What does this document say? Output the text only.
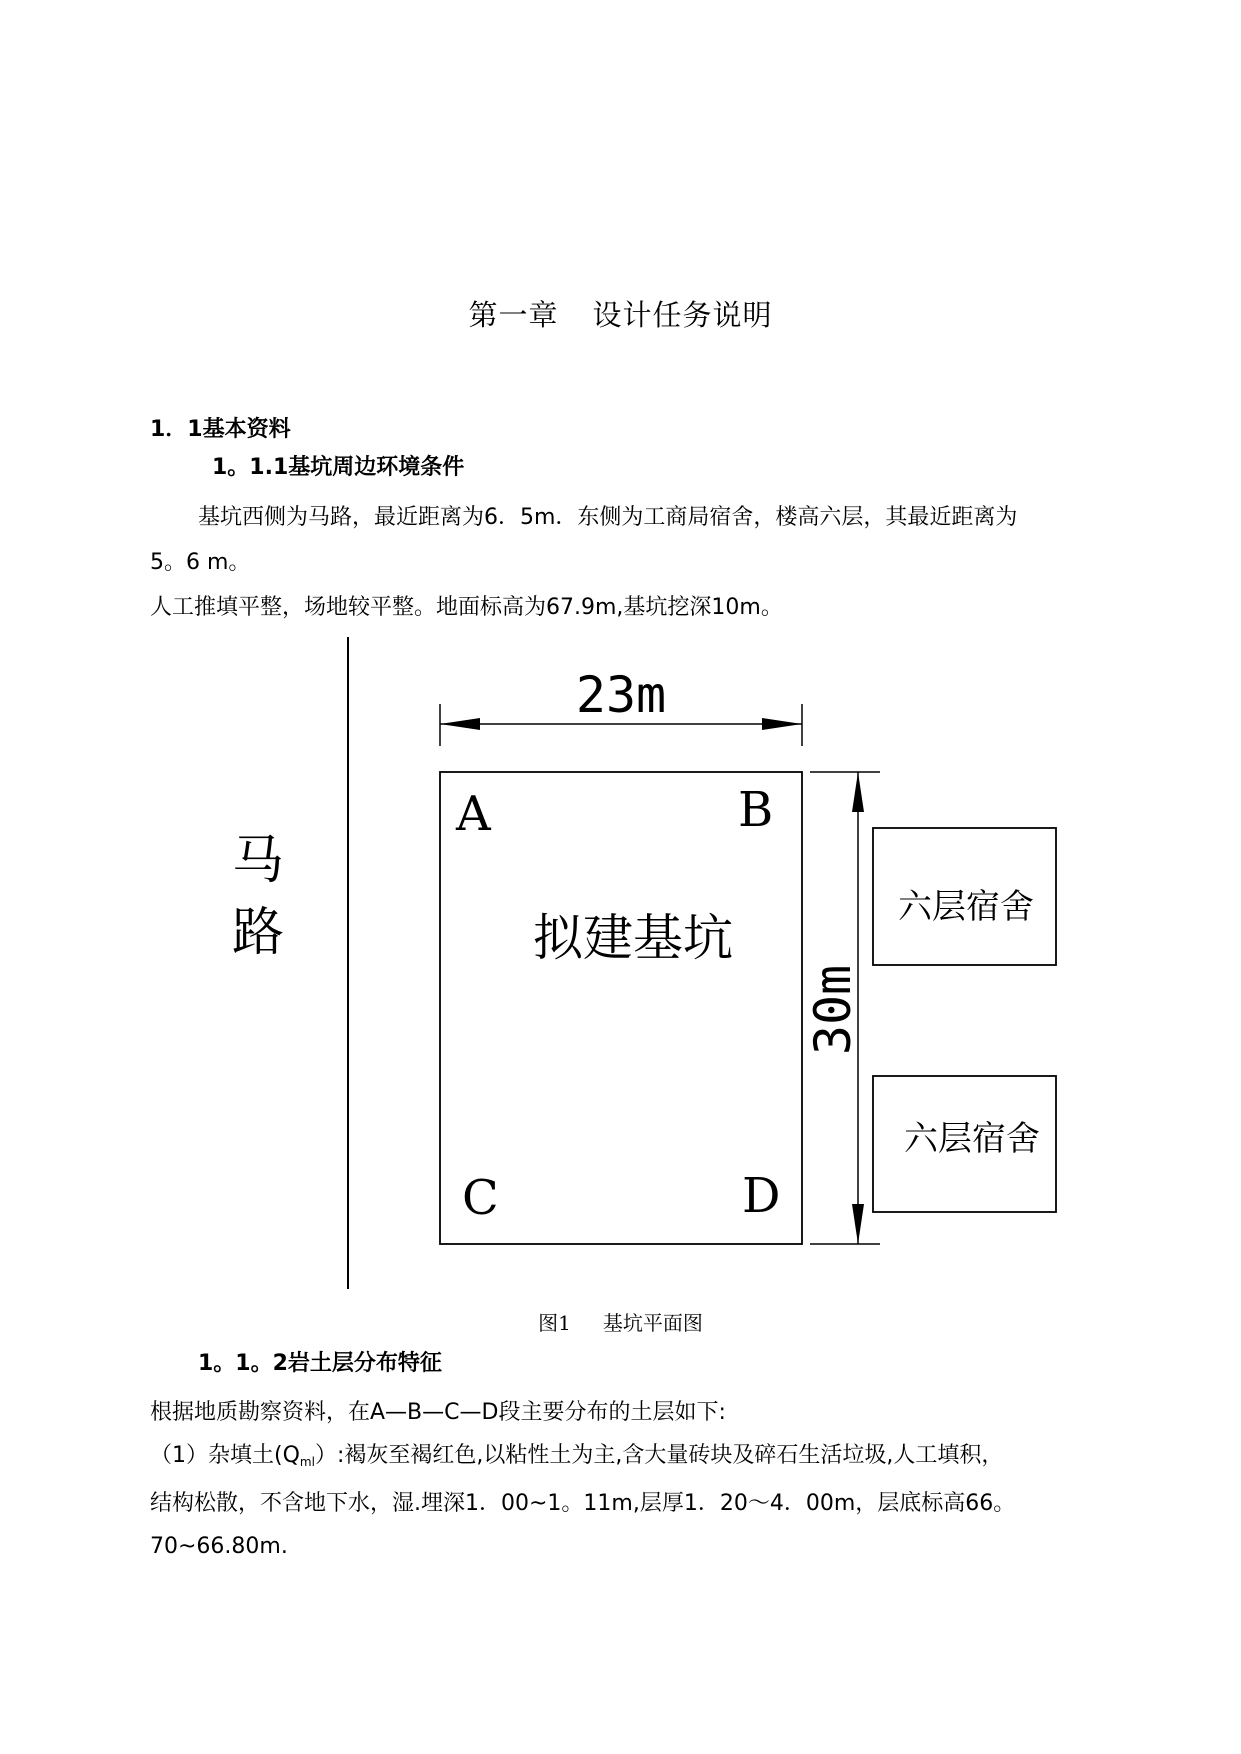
第一章 设计任务说明
1．1基本资料
1。1.1基坑周边环境条件
基坑西侧为马路，最近距离为6．5m．东侧为工商局宿舍，楼高六层，其最近距离为
5。6 m。
人工推填平整，场地较平整。地面标高为67.9m,基坑挖深10m。
马
路
23m
A	B
C	D
拟建基坑
30m
六层宿舍
六层宿舍
图1 基坑平面图
1。1。2岩土层分布特征
根据地质勘察资料，在A—B—C—D段主要分布的土层如下:
（1）杂填土$(Q_{ml})$:褐灰至褐红色,以粘性土为主,含大量砖块及碎石生活垃圾,人工填积，
结构松散，不含地下水，湿.埋深1．00~1。11m,层厚1．20～4．00m，层底标高66。
70~66.80m.
